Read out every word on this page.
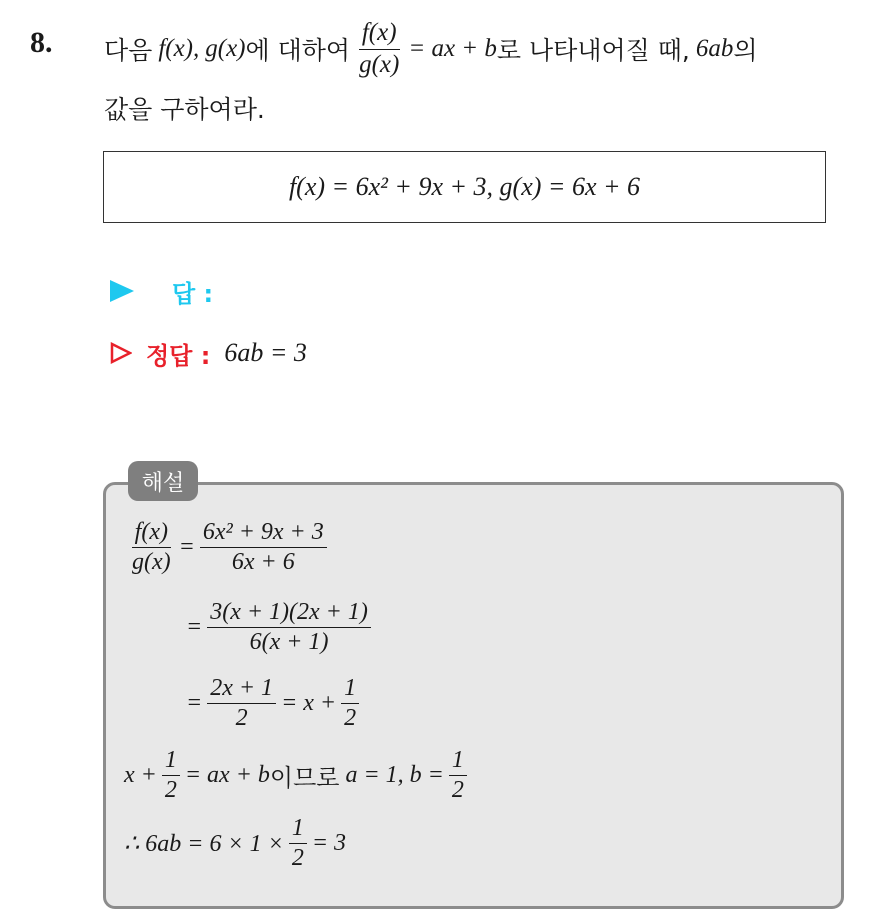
8. 다음 f(x), g(x) 에 대하여 $\frac{f(x)}{g(x)}$ = ax + b 로 나타내어질 때, 6ab 의
값을 구하여라.
f(x) = 6x² + 9x + 3, g(x) = 6x + 6
답 :
정답 : 6ab = 3
해설
$\frac{f(x)}{g(x)} = \frac{\text{6x² + 9x + 3}}{6x + 6}$
= $\frac{3(x + 1)(2x + 1)}{6(x + 1)}$
= $\frac{2x + 1}{2} = x + \frac{1}{2}$
$x + \frac{1}{2}$ = ax + b 이므로 a = 1, $b = \frac{1}{2}$
∴ $6ab = 6 \times 1 \times \frac{1}{2} = 3$
